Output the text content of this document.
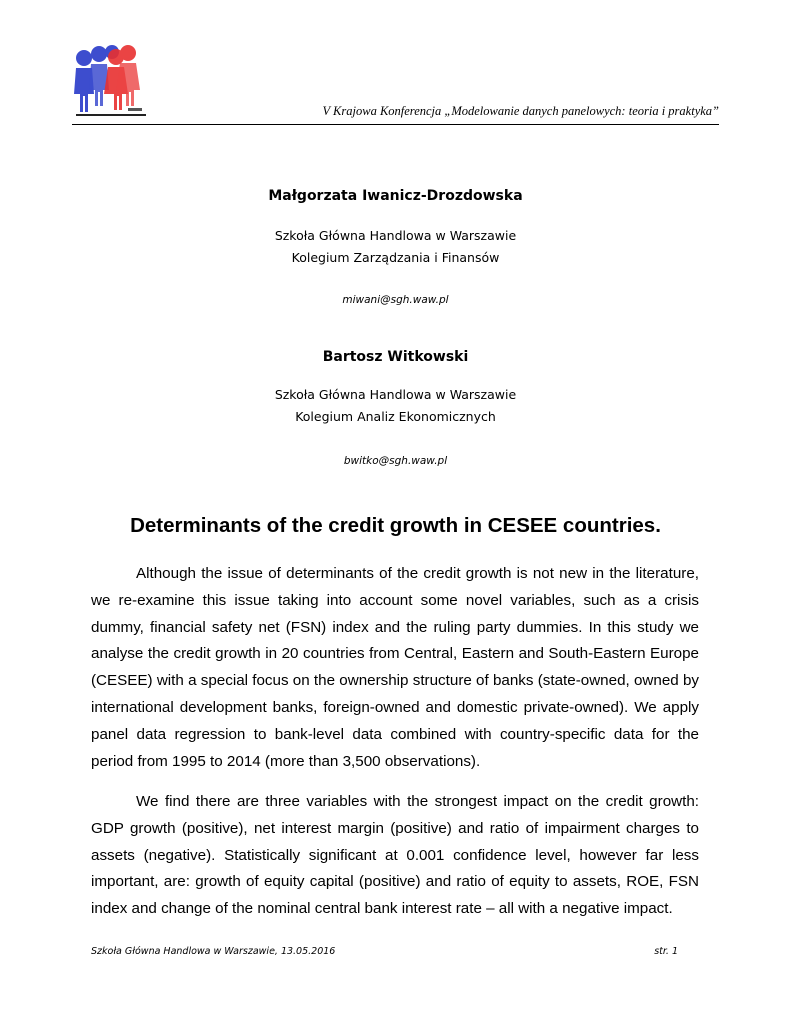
V Krajowa Konferencja „Modelowanie danych panelowych: teoria i praktyka”
Małgorzata Iwanicz-Drozdowska
Szkoła Główna Handlowa w Warszawie
Kolegium Zarządzania i Finansów
miwani@sgh.waw.pl
Bartosz Witkowski
Szkoła Główna Handlowa w Warszawie
Kolegium Analiz Ekonomicznych
bwitko@sgh.waw.pl
Determinants of the credit growth in CESEE countries.

Although the issue of determinants of the credit growth is not new in the literature, we re-examine this issue taking into account some novel variables, such as a crisis dummy, financial safety net (FSN) index and the ruling party dummies. In this study we analyse the credit growth in 20 countries from Central, Eastern and South-Eastern Europe (CESEE) with a special focus on the ownership structure of banks (state-owned, owned by international development banks, foreign-owned and domestic private-owned). We apply panel data regression to bank-level data combined with country-specific data for the period from 1995 to 2014 (more than 3,500 observations).

We find there are three variables with the strongest impact on the credit growth: GDP growth (positive), net interest margin (positive) and ratio of impairment charges to assets (negative). Statistically significant at 0.001 confidence level, however far less important, are: growth of equity capital (positive) and ratio of equity to assets, ROE, FSN index and change of the nominal central bank interest rate – all with a negative impact.

Szkoła Główna Handlowa w Warszawie, 13.05.2016	str. 1
